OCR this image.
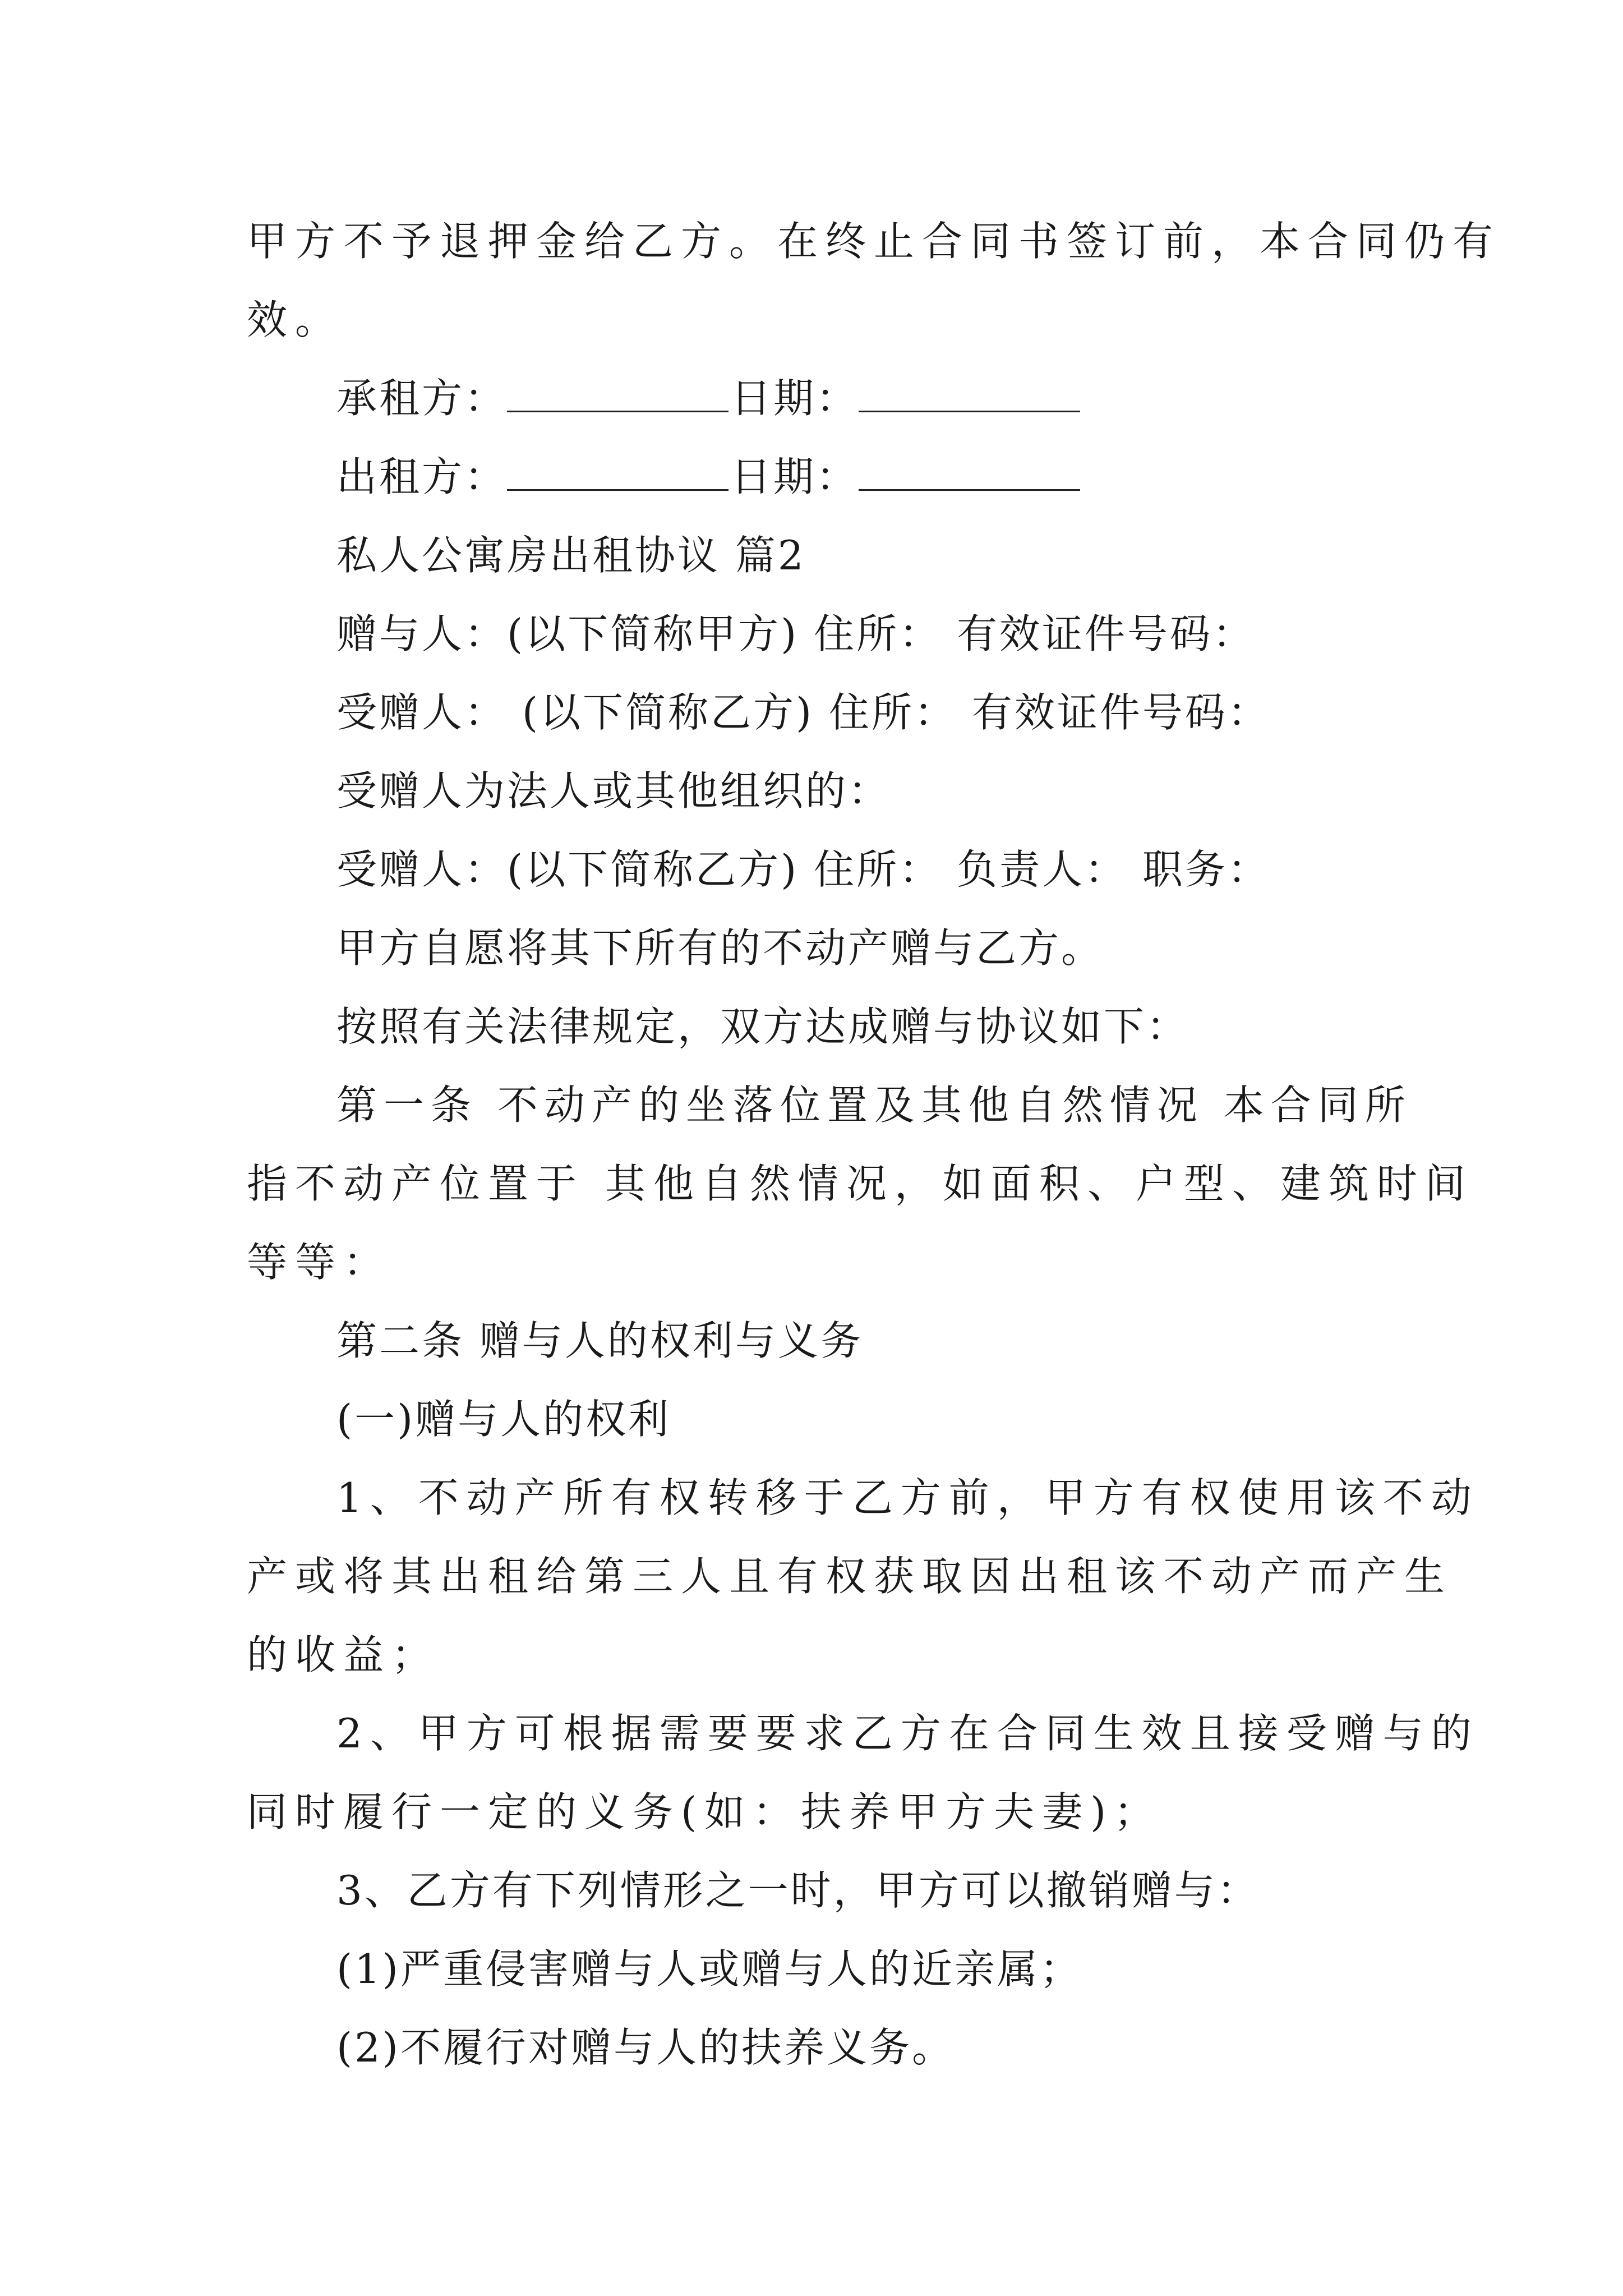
甲方不予退押金给乙方。在终止合同书签订前，本合同仍有
效。
承租方：	日期：
出租方：	日期：
私人公寓房出租协议 篇2
赠与人：(以下简称甲方) 住所： 有效证件号码：
受赠人： (以下简称乙方) 住所： 有效证件号码：
受赠人为法人或其他组织的：
受赠人：(以下简称乙方) 住所： 负责人： 职务：
甲方自愿将其下所有的不动产赠与乙方。
按照有关法律规定，双方达成赠与协议如下：
第一条 不动产的坐落位置及其他自然情况 本合同所
指不动产位置于 其他自然情况，如面积、户型、建筑时间
等等：
第二条 赠与人的权利与义务
(一)赠与人的权利
1、不动产所有权转移于乙方前，甲方有权使用该不动
产或将其出租给第三人且有权获取因出租该不动产而产生
的收益；
2、甲方可根据需要要求乙方在合同生效且接受赠与的
同时履行一定的义务(如：扶养甲方夫妻)；
3、乙方有下列情形之一时，甲方可以撤销赠与：
(1)严重侵害赠与人或赠与人的近亲属；
(2)不履行对赠与人的扶养义务。
